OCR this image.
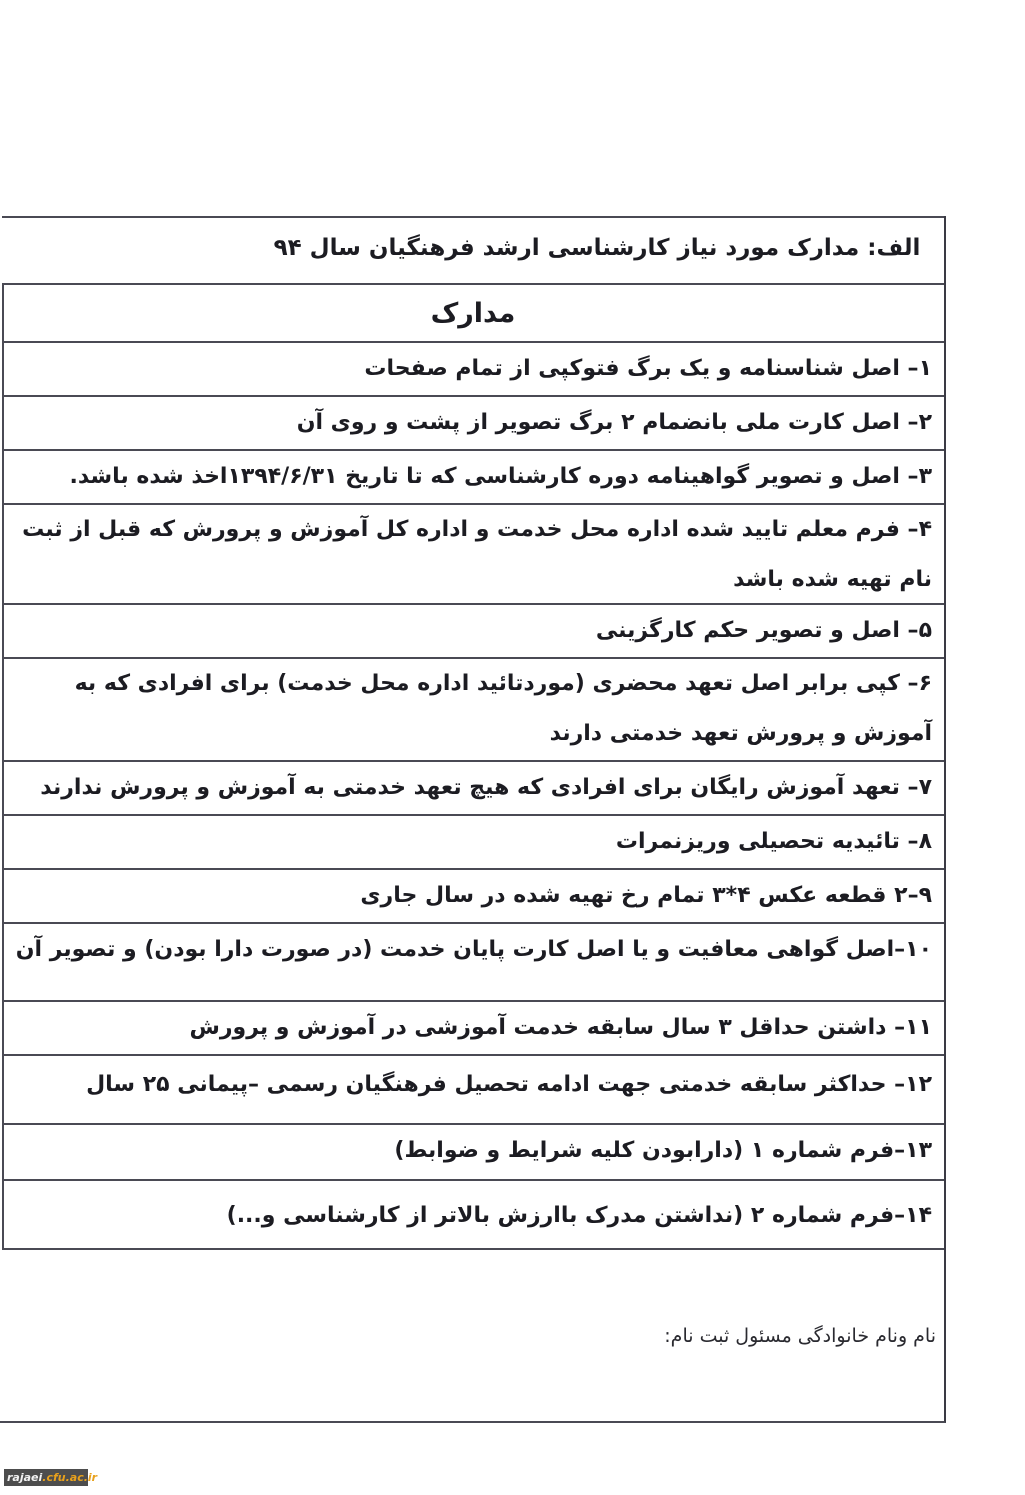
الف: مدارک مورد نیاز کارشناسی ارشد فرهنگیان سال ۹۴
مدارک
۱– اصل شناسنامه و یک برگ فتوکپی از تمام صفحات
۲– اصل کارت ملی بانضمام ۲ برگ تصویر از پشت و روی آن
۳– اصل و تصویر گواهینامه دوره کارشناسی که تا تاریخ ۱۳۹۴/۶/۳۱اخذ شده باشد.
۴– فرم معلم تایید شده اداره محل خدمت و اداره کل آموزش و پرورش که قبل از ثبت نام تهیه شده باشد
۵– اصل و تصویر حکم کارگزینی
۶– کپی برابر اصل تعهد محضری (موردتائید اداره محل خدمت) برای افرادی که به آموزش و پرورش تعهد خدمتی دارند
۷– تعهد آموزش رایگان برای افرادی که هیچ تعهد خدمتی به آموزش و پرورش ندارند
۸– تائیدیه تحصیلی وریزنمرات
۹–۲ قطعه عکس ۴*۳ تمام رخ تهیه شده در سال جاری
۱۰–اصل گواهی معافیت و یا اصل کارت پایان خدمت (در صورت دارا بودن) و تصویر آن
۱۱– داشتن حداقل ۳ سال سابقه خدمت آموزشی در آموزش و پرورش
۱۲– حداکثر سابقه خدمتی جهت ادامه تحصیل فرهنگیان رسمی –پیمانی ۲۵ سال
۱۳–فرم شماره ۱ (دارابودن کلیه شرایط و ضوابط)
۱۴–فرم شماره ۲ (نداشتن مدرک باارزش بالاتر از کارشناسی و...)
نام ونام خانوادگی مسئول ثبت نام:
rajaei.cfu.ac.ir
